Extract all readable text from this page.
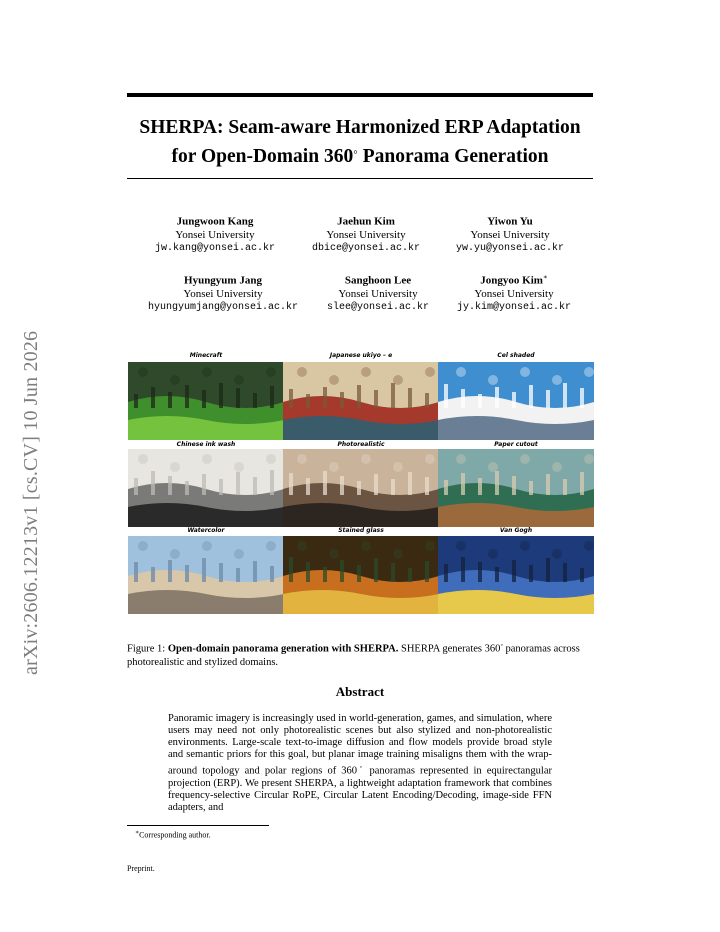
arXiv:2606.12213v1 [cs.CV] 10 Jun 2026
SHERPA: Seam-aware Harmonized ERP Adaptation
for Open-Domain 360◦ Panorama Generation
Jungwoon Kang
Yonsei University
jw.kang@yonsei.ac.kr
Jaehun Kim
Yonsei University
dbice@yonsei.ac.kr
Yiwon Yu
Yonsei University
yw.yu@yonsei.ac.kr
Hyungyum Jang
Yonsei University
hyungyumjang@yonsei.ac.kr
Sanghoon Lee
Yonsei University
slee@yonsei.ac.kr
Jongyoo Kim∗
Yonsei University
jy.kim@yonsei.ac.kr
Minecraft	Japanese ukiyo – e	Cel shaded
Chinese ink wash	Photorealistic	Paper cutout
Watercolor	Stained glass	Van Gogh
Figure 1: Open-domain panorama generation with SHERPA. SHERPA generates 360◦ panoramas across photorealistic and stylized domains.
Abstract
Panoramic imagery is increasingly used in world-generation, games, and simulation, where users may need not only photorealistic scenes but also stylized and non-photorealistic environments. Large-scale text-to-image diffusion and flow models provide broad style and semantic priors for this goal, but planar image training misaligns them with the wrap-around topology and polar regions of 360◦ panoramas represented in equirectangular projection (ERP). We present SHERPA, a lightweight adaptation framework that combines frequency-selective Circular RoPE, Circular Latent Encoding/Decoding, image-side FFN adapters, and
∗Corresponding author.
Preprint.
